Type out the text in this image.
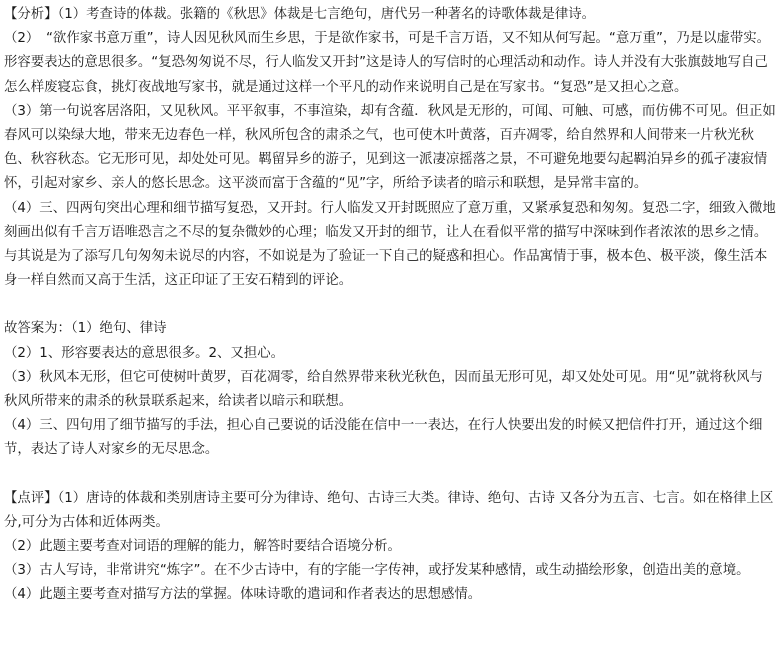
【分析】（1）考查诗的体裁。张籍的《秋思》体裁是七言绝句，唐代另一种著名的诗歌体裁是律诗。

（2）　“欲作家书意万重”，诗人因见秋风而生乡思，于是欲作家书，可是千言万语，又不知从何写起。“意万重”，乃是以虚带实。形容要表达的意思很多。“复恐匆匆说不尽，行人临发又开封”这是诗人的写信时的心理活动和动作。诗人并没有大张旗鼓地写自己怎么样废寝忘食，挑灯夜战地写家书，就是通过这样一个平凡的动作来说明自己是在写家书。“复恐”是又担心之意。

（3）第一句说客居洛阳，又见秋风。平平叙事，不事渲染，却有含蕴．秋风是无形的，可闻、可触、可感，而仿佛不可见。但正如春风可以染绿大地，带来无边春色一样，秋风所包含的肃杀之气，也可使木叶黄落，百卉凋零，给自然界和人间带来一片秋光秋色、秋容秋态。它无形可见，却处处可见。羁留异乡的游子，见到这一派凄凉摇落之景，不可避免地要勾起羁泊异乡的孤孑凄寂情怀，引起对家乡、亲人的悠长思念。这平淡而富于含蕴的“见”字，所给予读者的暗示和联想，是异常丰富的。

（4）三、四两句突出心理和细节描写复恐，又开封。行人临发又开封既照应了意万重，又紧承复恐和匆匆。复恐二字，细致入微地刻画出似有千言万语唯恐言之不尽的复杂微妙的心理；临发又开封的细节，让人在看似平常的描写中深味到作者浓浓的思乡之情。与其说是为了添写几句匆匆未说尽的内容，不如说是为了验证一下自己的疑惑和担心。作品寓情于事，极本色、极平淡，像生活本身一样自然而又高于生活，这正印证了王安石精到的评论。

故答案为：（1）绝句、律诗

（2）1、形容要表达的意思很多。2、又担心。

（3）秋风本无形，但它可使树叶黄罗，百花凋零，给自然界带来秋光秋色，因而虽无形可见，却又处处可见。用“见”就将秋风与秋风所带来的肃杀的秋景联系起来，给读者以暗示和联想。

（4）三、四句用了细节描写的手法，担心自己要说的话没能在信中一一表达，在行人快要出发的时候又把信件打开，通过这个细节，表达了诗人对家乡的无尽思念。

【点评】（1）唐诗的体裁和类别唐诗主要可分为律诗、绝句、古诗三大类。律诗、绝句、古诗 又各分为五言、七言。如在格律上区分,可分为古体和近体两类。

（2）此题主要考查对词语的理解的能力，解答时要结合语境分析。

（3）古人写诗，非常讲究“炼字”。在不少古诗中，有的字能一字传神，或抒发某种感情，或生动描绘形象，创造出美的意境。

（4）此题主要考查对描写方法的掌握。体味诗歌的遣词和作者表达的思想感情。
